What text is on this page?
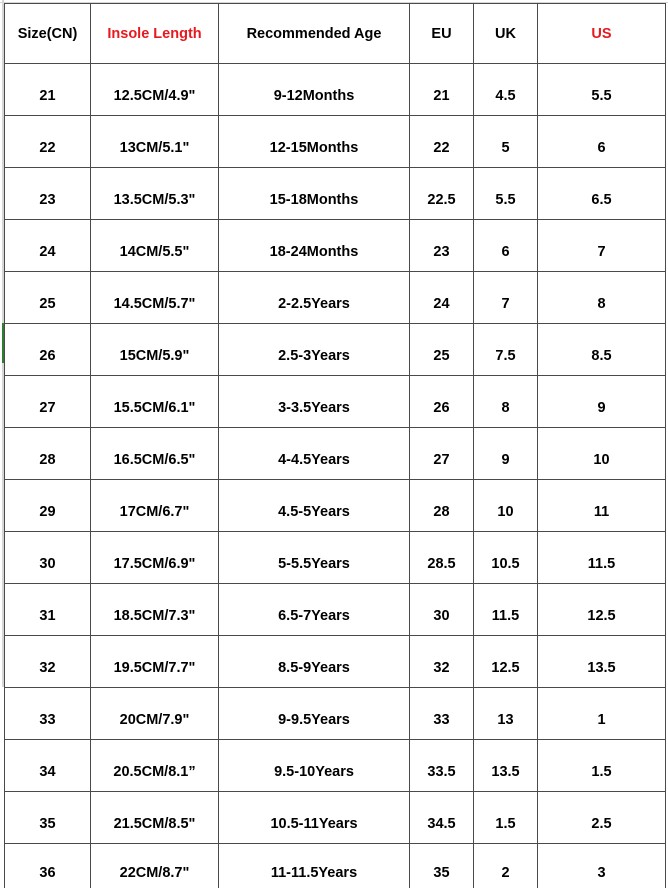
Size(CN)	Insole Length	Recommended Age	EU	UK	US
21	12.5CM/4.9"	9-12Months	21	4.5	5.5
22	13CM/5.1"	12-15Months	22	5	6
23	13.5CM/5.3"	15-18Months	22.5	5.5	6.5
24	14CM/5.5"	18-24Months	23	6	7
25	14.5CM/5.7"	2-2.5Years	24	7	8
26	15CM/5.9"	2.5-3Years	25	7.5	8.5
27	15.5CM/6.1"	3-3.5Years	26	8	9
28	16.5CM/6.5"	4-4.5Years	27	9	10
29	17CM/6.7"	4.5-5Years	28	10	11
30	17.5CM/6.9"	5-5.5Years	28.5	10.5	11.5
31	18.5CM/7.3"	6.5-7Years	30	11.5	12.5
32	19.5CM/7.7"	8.5-9Years	32	12.5	13.5
33	20CM/7.9"	9-9.5Years	33	13	1
34	20.5CM/8.1”	9.5-10Years	33.5	13.5	1.5
35	21.5CM/8.5"	10.5-11Years	34.5	1.5	2.5
36	22CM/8.7"	11-11.5Years	35	2	3
